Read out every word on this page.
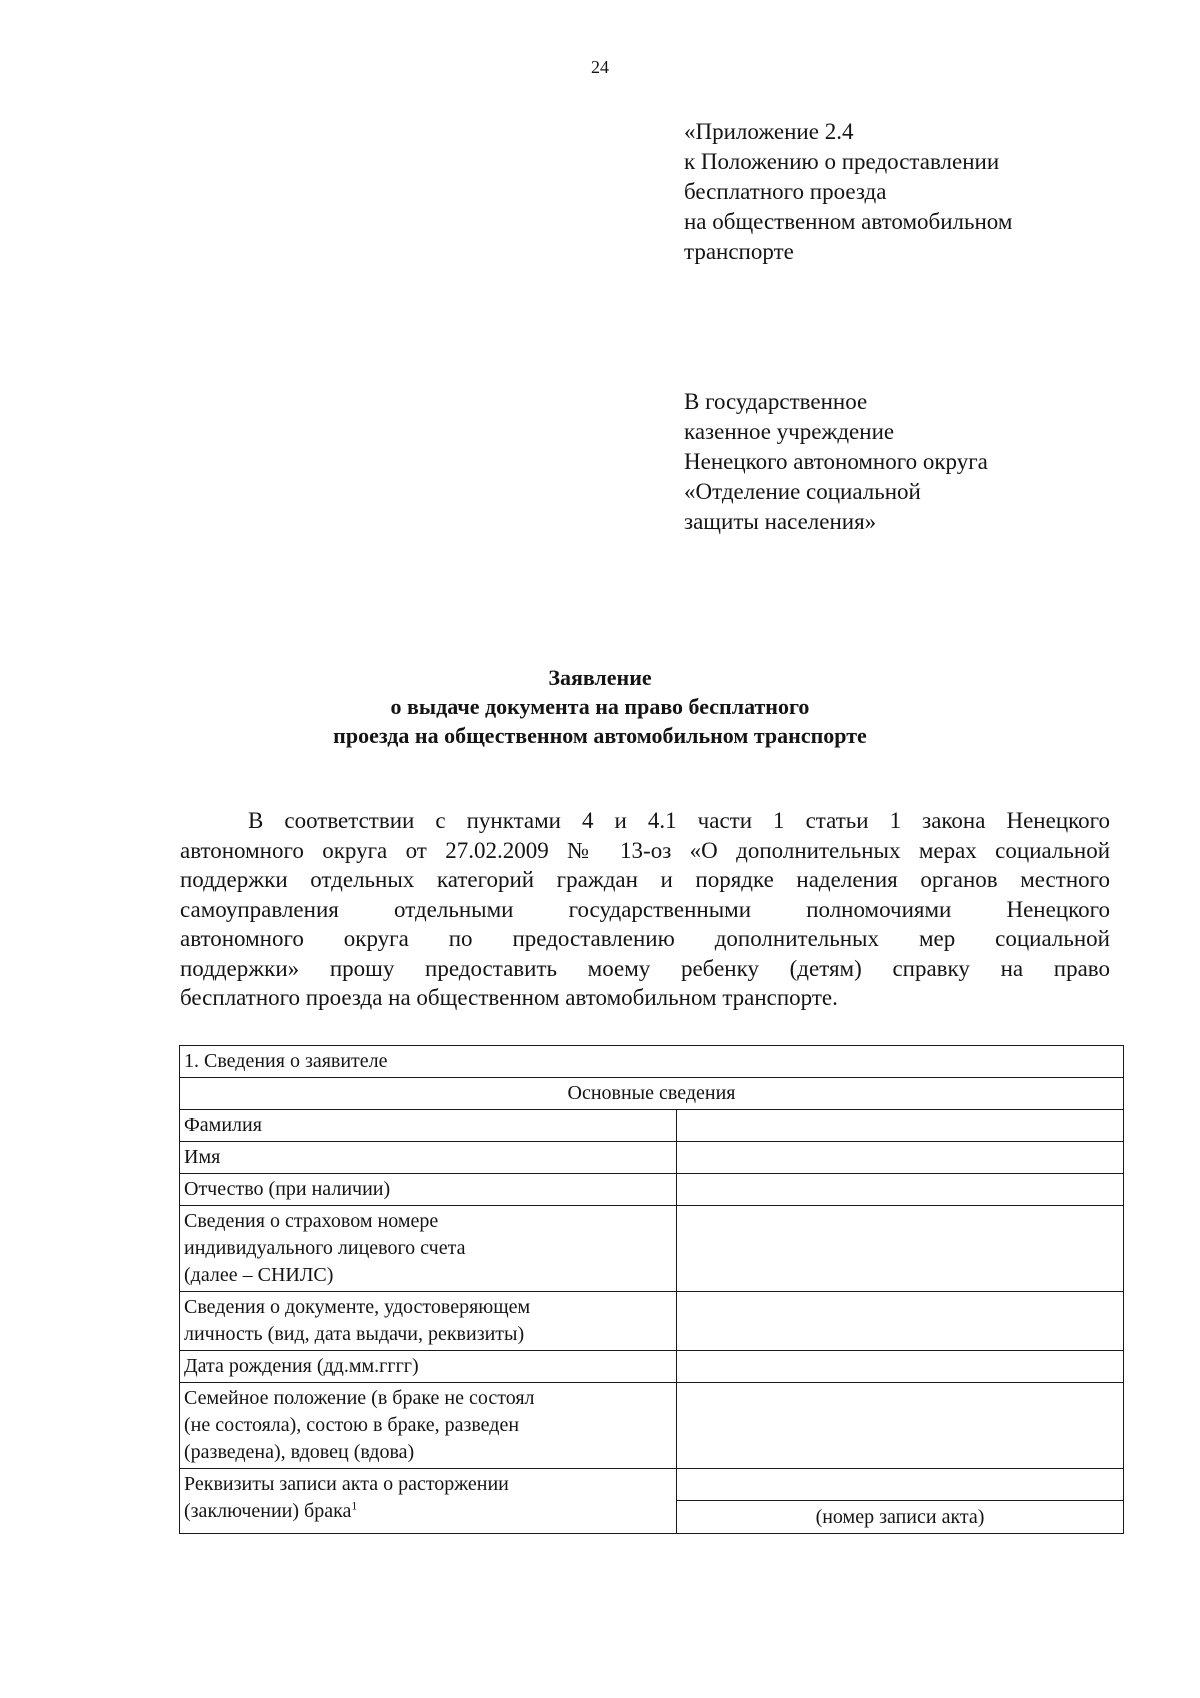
24
«Приложение 2.4
к Положению о предоставлении
бесплатного проезда
на общественном автомобильном
транспорте
В государственное
казенное учреждение
Ненецкого автономного округа
«Отделение социальной
защиты населения»
Заявление
о выдаче документа на право бесплатного
проезда на общественном автомобильном транспорте
В соответствии с пунктами 4 и 4.1 части 1 статьи 1 закона Ненецкого
автономного округа от 27.02.2009 № 13-оз «О дополнительных мерах социальной
поддержки отдельных категорий граждан и порядке наделения органов местного
самоуправления отдельными государственными полномочиями Ненецкого
автономного округа по предоставлению дополнительных мер социальной
поддержки» прошу предоставить моему ребенку (детям) справку на право
бесплатного проезда на общественном автомобильном транспорте.
1. Сведения о заявителе	
Основные сведения	
Фамилия	
Имя	
Отчество (при наличии)	

Сведения о страховом номере
индивидуального лицевого счета
(далее – СНИЛС)	

Сведения о документе, удостоверяющем
личность (вид, дата выдачи, реквизиты)	

Дата рождения (дд.мм.гггг)	

Семейное положение (в браке не состоял
(не состояла), состою в браке, разведен
(разведена), вдовец (вдова)	

Реквизиты записи акта о расторжении
(заключении) брака$^1$

	(номер записи акта)
